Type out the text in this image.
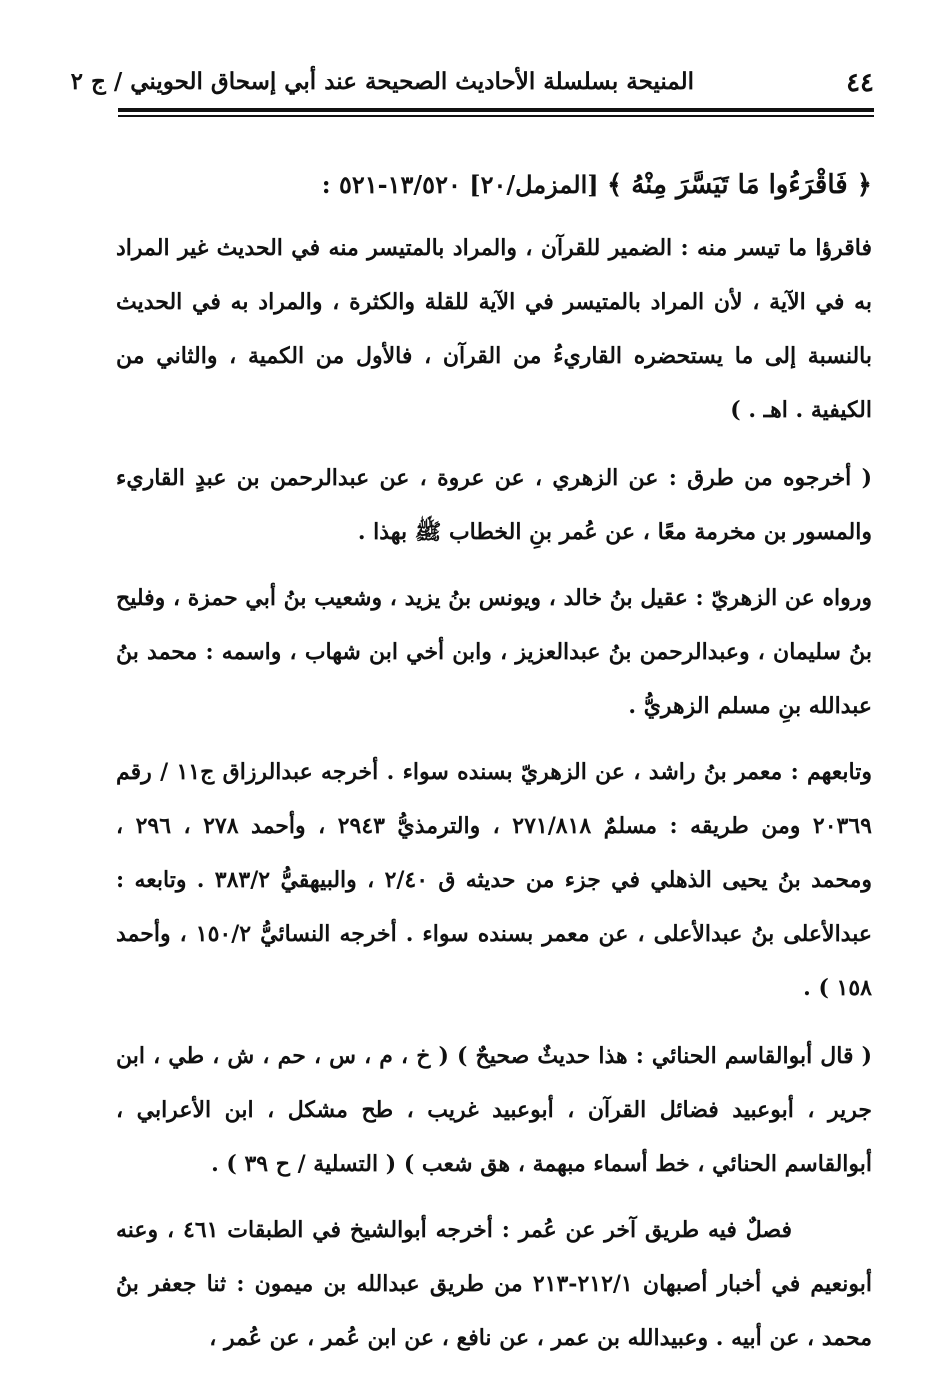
٤٤
المنيحة بسلسلة الأحاديث الصحيحة عند أبي إسحاق الحويني / ج ٢
﴿ فَاقْرَءُوا مَا تَيَسَّرَ مِنْهُ ﴾ [المزمل/٢٠] ١٣/٥٢٠-٥٢١ :

فاقرؤا ما تيسر منه : الضمير للقرآن ، والمراد بالمتيسر منه في الحديث غير المراد به في الآية ، لأن المراد بالمتيسر في الآية للقلة والكثرة ، والمراد به في الحديث بالنسبة إلى ما يستحضره القاريءُ من القرآن ، فالأول من الكمية ، والثاني من الكيفية . اهـ . )

( أخرجوه من طرق : عن الزهري ، عن عروة ، عن عبدالرحمن بن عبدٍ القاريء والمسور بن مخرمة معًا ، عن عُمر بنِ الخطاب ﷺ بهذا .

ورواه عن الزهريّ : عقيل بنُ خالد ، ويونس بنُ يزيد ، وشعيب بنُ أبي حمزة ، وفليح بنُ سليمان ، وعبدالرحمن بنُ عبدالعزيز ، وابن أخي ابن شهاب ، واسمه : محمد بنُ عبدالله بنِ مسلم الزهريُّ .

وتابعهم : معمر بنُ راشد ، عن الزهريّ بسنده سواء . أخرجه عبدالرزاق ج١١ / رقم ٢٠٣٦٩ ومن طريقه : مسلمٌ ٢٧١/٨١٨ ، والترمذيُّ ٢٩٤٣ ، وأحمد ٢٧٨ ، ٢٩٦ ، ومحمد بنُ يحيى الذهلي في جزء من حديثه ق ٢/٤٠ ، والبيهقيُّ ٣٨٣/٢ . وتابعه : عبدالأعلى بنُ عبدالأعلى ، عن معمر بسنده سواء . أخرجه النسائيُّ ١٥٠/٢ ، وأحمد ١٥٨ ) .

( قال أبوالقاسم الحنائي : هذا حديثٌ صحيحٌ ) ( خ ، م ، س ، حم ، ش ، طي ، ابن جرير ، أبوعبيد فضائل القرآن ، أبوعبيد غريب ، طح مشكل ، ابن الأعرابي ، أبوالقاسم الحنائي ، خط أسماء مبهمة ، هق شعب ) ( التسلية / ح ٣٩ ) .

فصلٌ فيه طريق آخر عن عُمر : أخرجه أبوالشيخ في الطبقات ٤٦١ ، وعنه أبونعيم في أخبار أصبهان ٢١٢/١-٢١٣ من طريق عبدالله بن ميمون : ثنا جعفر بنُ محمد ، عن أبيه . وعبيدالله بن عمر ، عن نافع ، عن ابن عُمر ، عن عُمر ،
